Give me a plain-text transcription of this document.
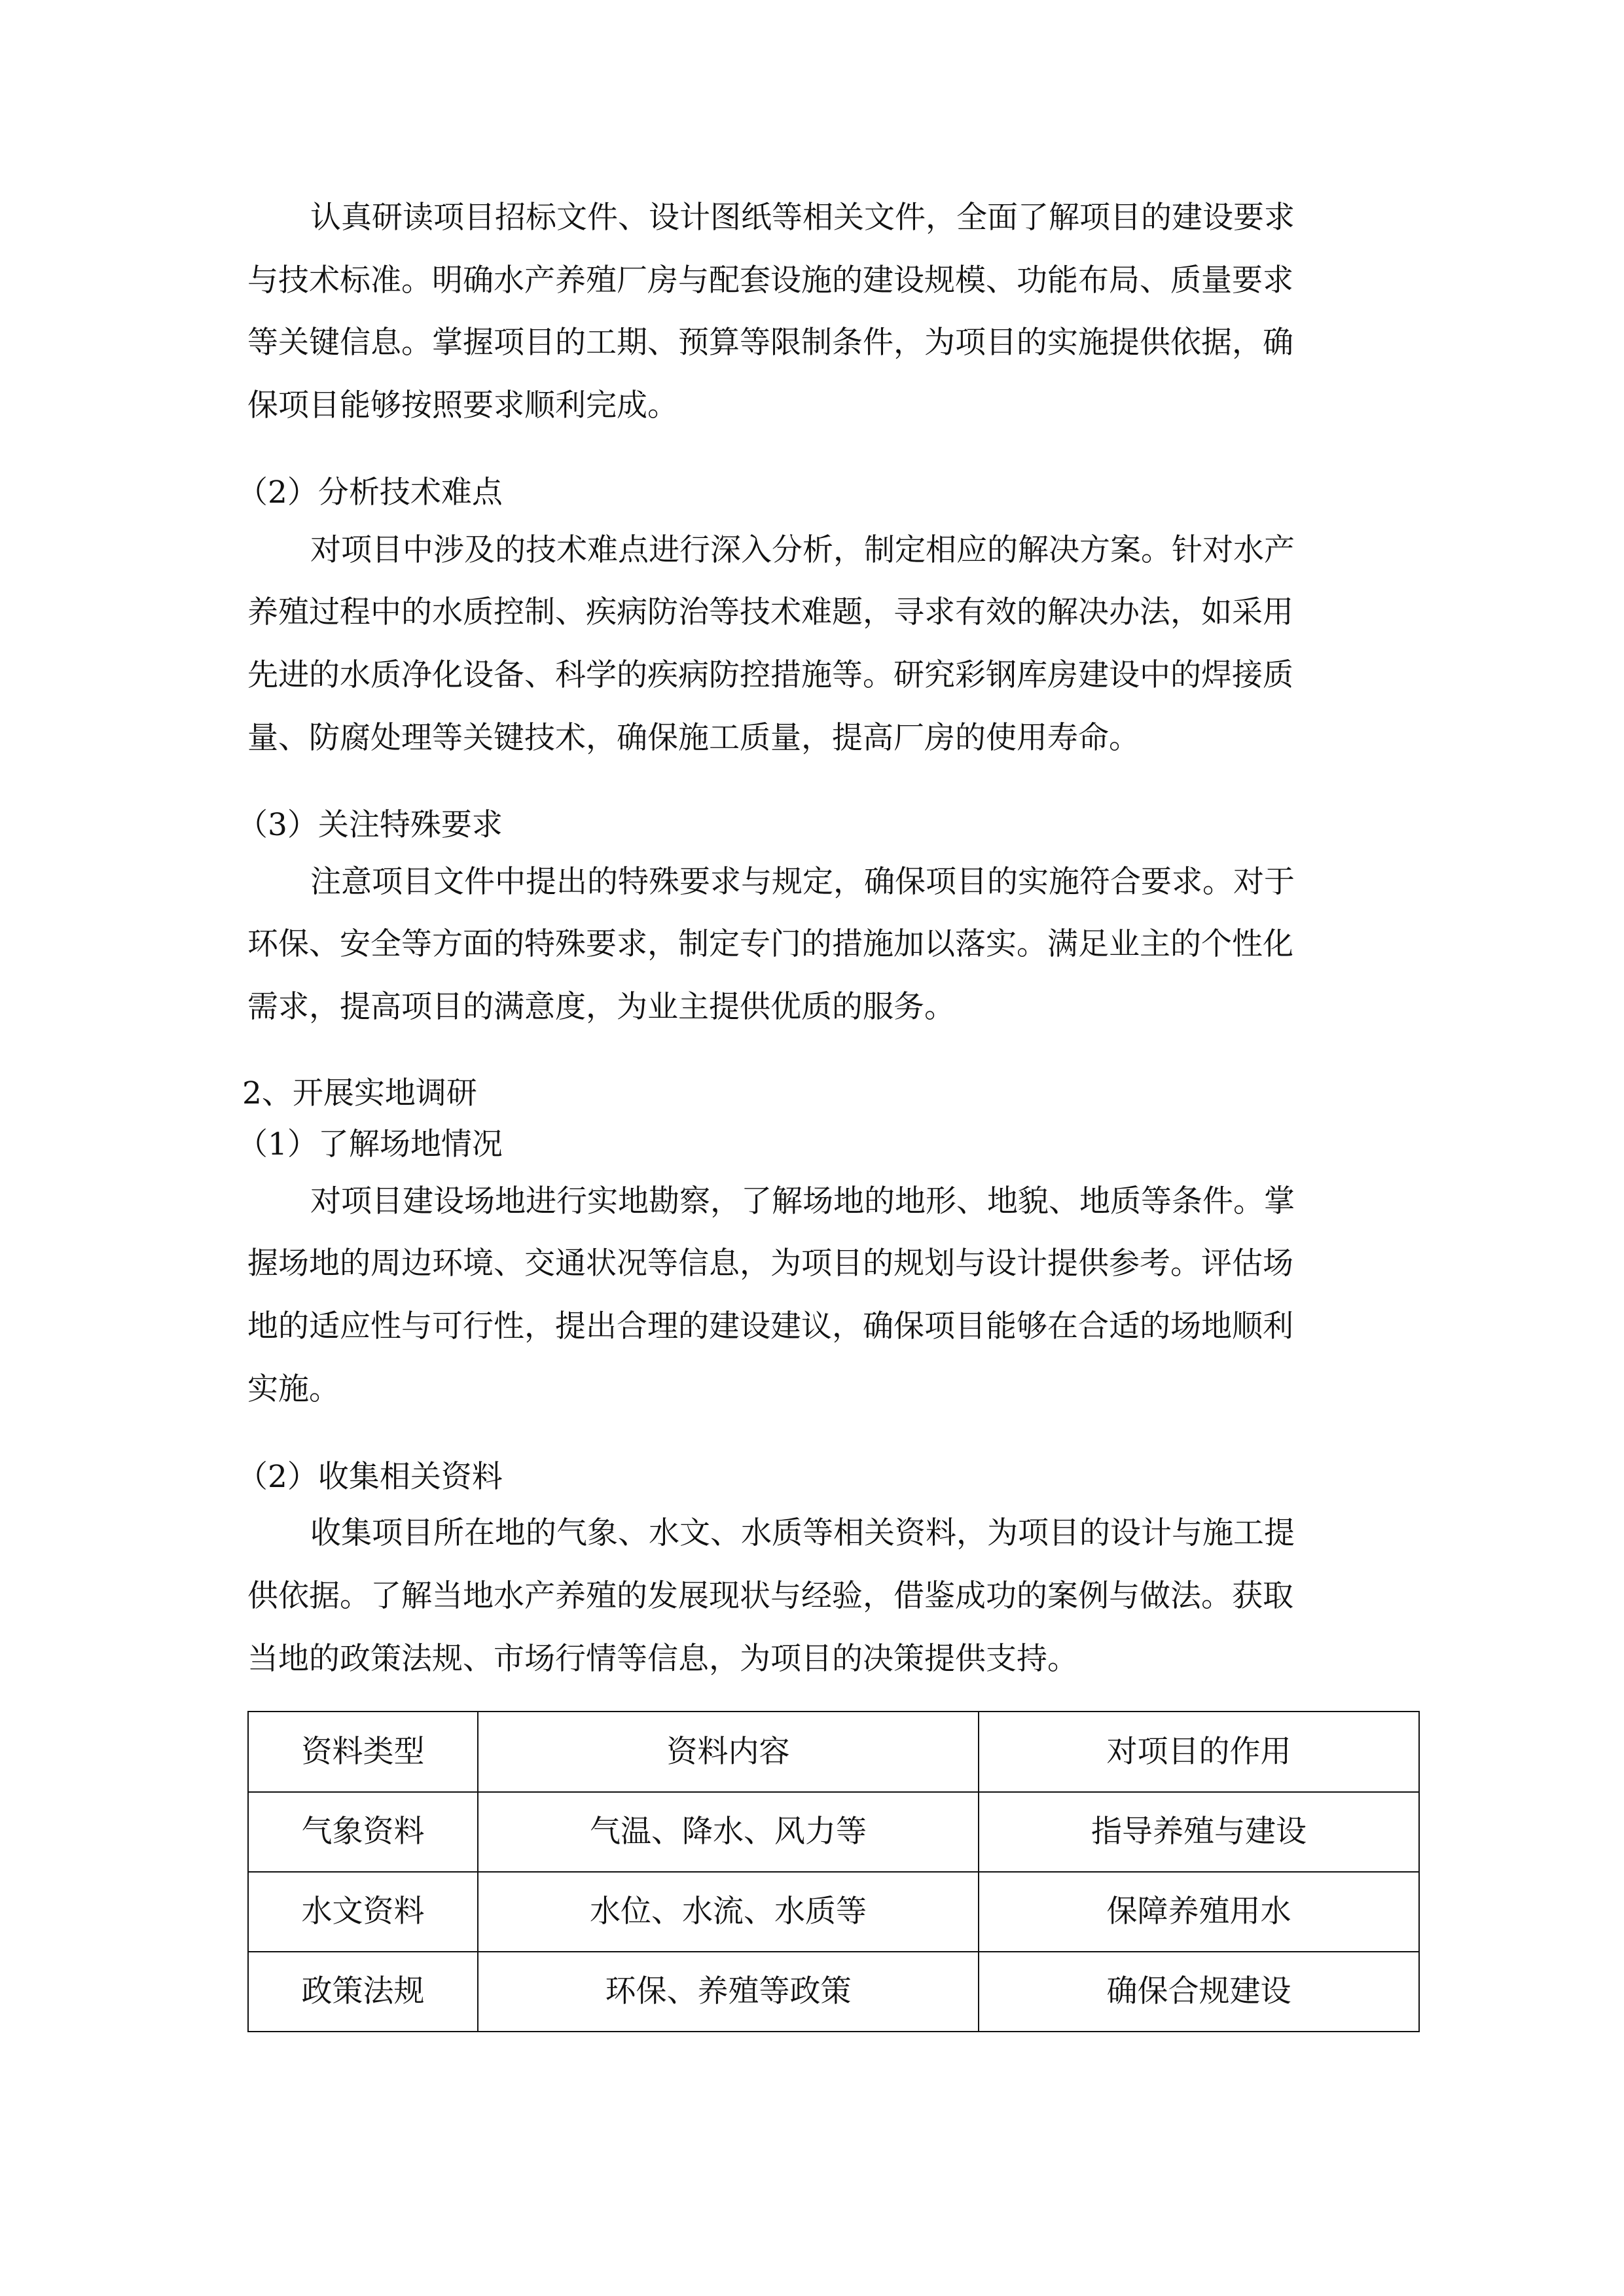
认真研读项目招标文件、设计图纸等相关文件，全面了解项目的建设要求
与技术标准。明确水产养殖厂房与配套设施的建设规模、功能布局、质量要求
等关键信息。掌握项目的工期、预算等限制条件，为项目的实施提供依据，确
保项目能够按照要求顺利完成。
（2）分析技术难点
对项目中涉及的技术难点进行深入分析，制定相应的解决方案。针对水产
养殖过程中的水质控制、疾病防治等技术难题，寻求有效的解决办法，如采用
先进的水质净化设备、科学的疾病防控措施等。研究彩钢库房建设中的焊接质
量、防腐处理等关键技术，确保施工质量，提高厂房的使用寿命。
（3）关注特殊要求
注意项目文件中提出的特殊要求与规定，确保项目的实施符合要求。对于
环保、安全等方面的特殊要求，制定专门的措施加以落实。满足业主的个性化
需求，提高项目的满意度，为业主提供优质的服务。
2、开展实地调研
（1）了解场地情况
对项目建设场地进行实地勘察，了解场地的地形、地貌、地质等条件。掌
握场地的周边环境、交通状况等信息，为项目的规划与设计提供参考。评估场
地的适应性与可行性，提出合理的建设建议，确保项目能够在合适的场地顺利
实施。
（2）收集相关资料
收集项目所在地的气象、水文、水质等相关资料，为项目的设计与施工提
供依据。了解当地水产养殖的发展现状与经验，借鉴成功的案例与做法。获取
当地的政策法规、市场行情等信息，为项目的决策提供支持。
资料类型	资料内容	对项目的作用
气象资料	气温、降水、风力等	指导养殖与建设
水文资料	水位、水流、水质等	保障养殖用水
政策法规	环保、养殖等政策	确保合规建设
